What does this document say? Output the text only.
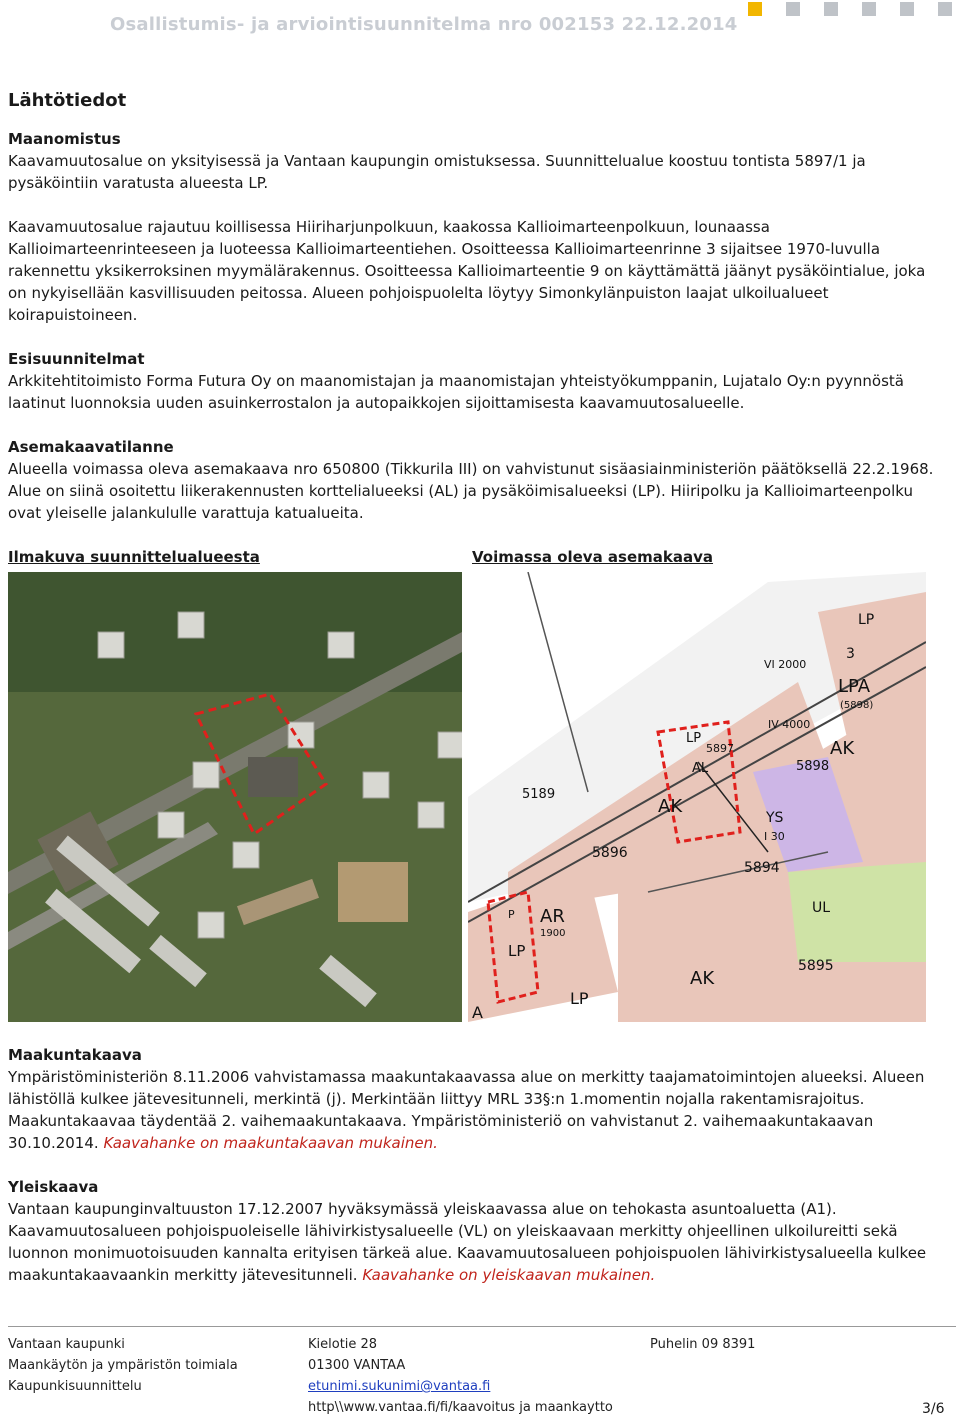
Osallistumis- ja arviointisuunnitelma nro 002153 22.12.2014
Lähtötiedot
Maanomistus

Kaavamuutosalue on yksityisessä ja Vantaan kaupungin omistuksessa. Suunnittelualue koostuu tontista 5897/1 ja pysäköintiin varatusta alueesta LP.

Kaavamuutosalue rajautuu koillisessa Hiiriharjunpolkuun, kaakossa Kallioimarteenpolkuun, lounaassa Kallioimarteenrinteeseen ja luoteessa Kallioimarteentiehen. Osoitteessa Kallioimarteenrinne 3 sijaitsee 1970-luvulla rakennettu yksikerroksinen myymälärakennus. Osoitteessa Kallioimarteentie 9 on käyttämättä jäänyt pysäköintialue, joka on nykyisellään kasvillisuuden peitossa. Alueen pohjoispuolelta löytyy Simonkylänpuiston laajat ulkoilualueet koirapuistoineen.

Esisuunnitelmat

Arkkitehtitoimisto Forma Futura Oy on maanomistajan ja maanomistajan yhteistyökumppanin, Lujatalo Oy:n pyynnöstä laatinut luonnoksia uuden asuinkerrostalon ja autopaikkojen sijoittamisesta kaavamuutosalueelle.

Asemakaavatilanne

Alueella voimassa oleva asemakaava nro 650800 (Tikkurila III) on vahvistunut sisäasiainministeriön päätöksellä 22.2.1968. Alue on siinä osoitettu liikerakennusten korttelialueeksi (AL) ja pysäköimisalueeksi (LP). Hiiripolku ja Kallioimarteenpolku ovat yleiselle jalankululle varattuja katualueita.

Ilmakuva suunnittelualueesta	Voimassa oleva asemakaava
LP
3
LPA
(5898)
VI 2000
IV 4000
AK
5898
LP
5897
AL
5189
AK
YS
I 30
5896
5894
UL
AR
1900
P
LP
5895
AK
LP
A
Maakuntakaava

Ympäristöministeriön 8.11.2006 vahvistamassa maakuntakaavassa alue on merkitty taajamatoimintojen alueeksi. Alueen lähistöllä kulkee jätevesitunneli, merkintä (j). Merkintään liittyy MRL 33§:n 1.momentin nojalla rakentamisrajoitus. Maakuntakaavaa täydentää 2. vaihemaakuntakaava. Ympäristöministeriö on vahvistanut 2. vaihemaakuntakaavan 30.10.2014. Kaavahanke on maakuntakaavan mukainen.

Yleiskaava

Vantaan kaupunginvaltuuston 17.12.2007 hyväksymässä yleiskaavassa alue on tehokasta asuntoaluetta (A1). Kaavamuutosalueen pohjoispuoleiselle lähivirkistysalueelle (VL) on yleiskaavaan merkitty ohjeellinen ulkoilureitti sekä luonnon monimuotoisuuden kannalta erityisen tärkeä alue. Kaavamuutosalueen pohjoispuolen lähivirkistysalueella kulkee maakuntakaavaankin merkitty jätevesitunneli. Kaavahanke on yleiskaavan mukainen.

Vantaan kaupunki
Maankäytön ja ympäristön toimiala
Kaupunkisuunnittelu
Kielotie 28
01300 VANTAA
etunimi.sukunimi@vantaa.fi
http\\www.vantaa.fi/fi/kaavoitus ja maankaytto
Puhelin 09 8391
3/6
